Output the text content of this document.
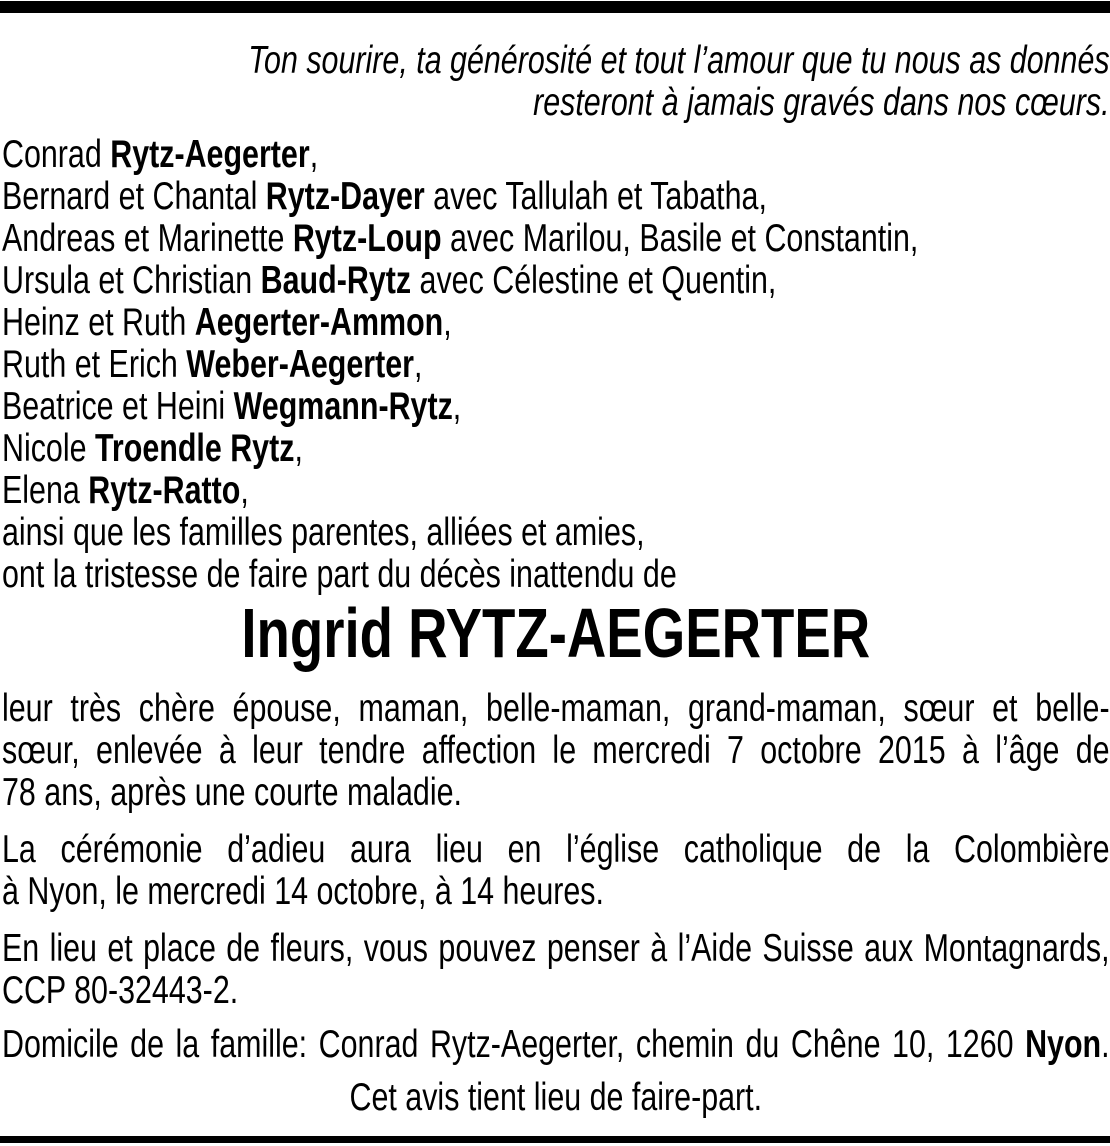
Ton sourire, ta générosité et tout l’amour que tu nous as donnés
resteront à jamais gravés dans nos cœurs.
Conrad Rytz-Aegerter,
Bernard et Chantal Rytz-Dayer avec Tallulah et Tabatha,
Andreas et Marinette Rytz-Loup avec Marilou, Basile et Constantin,
Ursula et Christian Baud-Rytz avec Célestine et Quentin,
Heinz et Ruth Aegerter-Ammon,
Ruth et Erich Weber-Aegerter,
Beatrice et Heini Wegmann-Rytz,
Nicole Troendle Rytz,
Elena Rytz-Ratto,
ainsi que les familles parentes, alliées et amies,
ont la tristesse de faire part du décès inattendu de
Ingrid RYTZ-AEGERTER
leur très chère épouse, maman, belle-maman, grand-maman, sœur et belle-
sœur, enlevée à leur tendre affection le mercredi 7 octobre 2015 à l’âge de
78 ans, après une courte maladie.
La cérémonie d’adieu aura lieu en l’église catholique de la Colombière
à Nyon, le mercredi 14 octobre, à 14 heures.
En lieu et place de fleurs, vous pouvez penser à l’Aide Suisse aux Montagnards,
CCP 80-32443-2.
Domicile de la famille: Conrad Rytz-Aegerter, chemin du Chêne 10, 1260 Nyon.
Cet avis tient lieu de faire-part.
